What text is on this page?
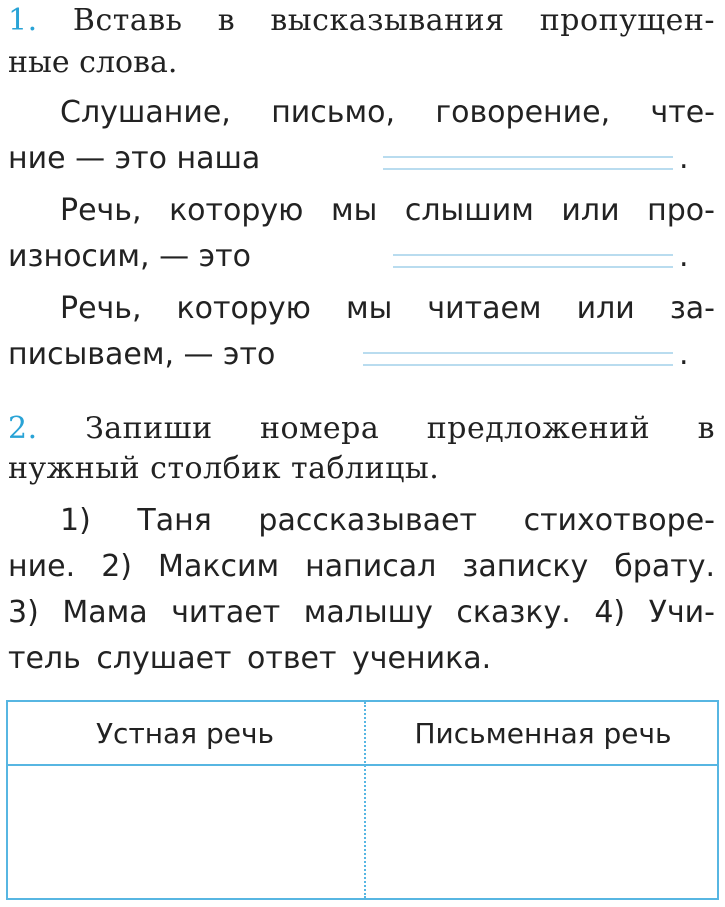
1. Вставь в высказывания пропущен-
ные слова.
Слушание, письмо, говорение, чте-
ние — это наша	.
Речь, которую мы слышим или про-
износим, — это	.
Речь, которую мы читаем или за-
писываем, — это	.
2. Запиши номера предложений в
нужный столбик таблицы.
1) Таня рассказывает стихотворе-
ние. 2) Максим написал записку брату.
3) Мама читает малышу сказку. 4) Учи-
тель слушает ответ ученика.
Устная речь	Письменная речь
